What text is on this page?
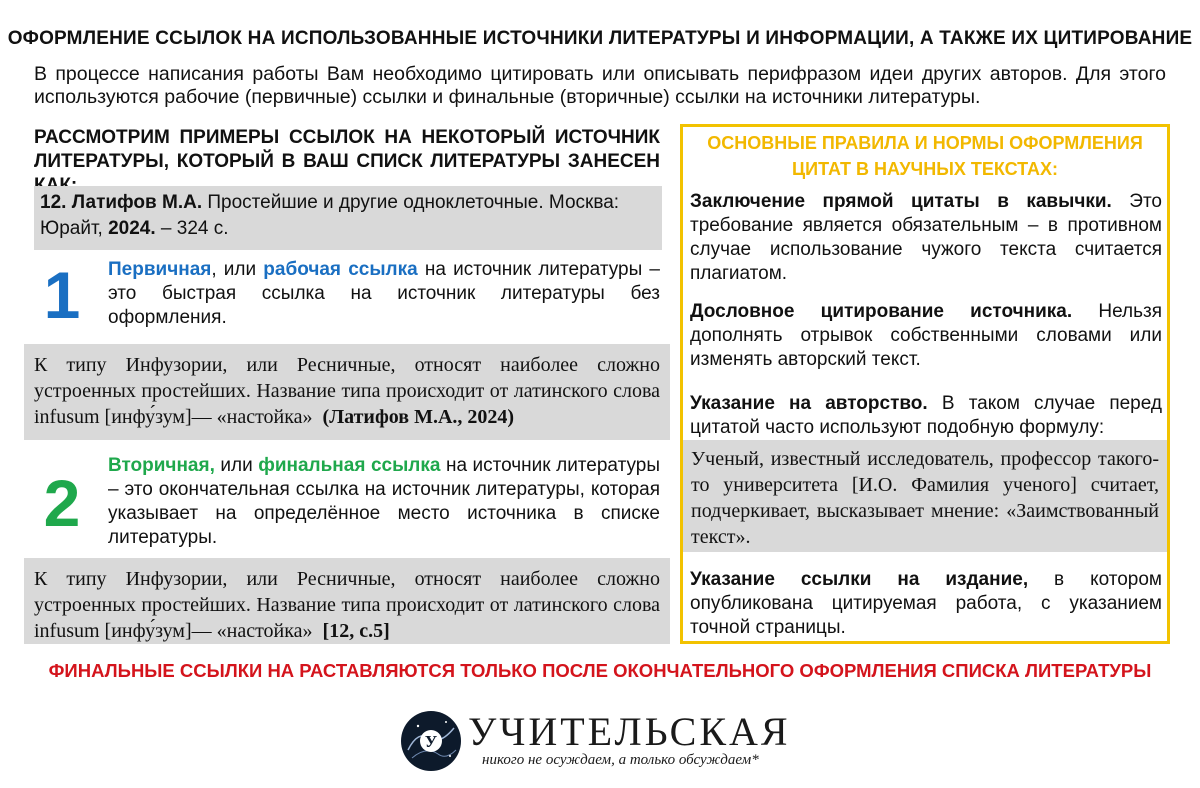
ОФОРМЛЕНИЕ ССЫЛОК НА ИСПОЛЬЗОВАННЫЕ ИСТОЧНИКИ ЛИТЕРАТУРЫ И ИНФОРМАЦИИ, А ТАКЖЕ ИХ ЦИТИРОВАНИЕ
В процессе написания работы Вам необходимо цитировать или описывать перифразом идеи других авторов. Для этого используются рабочие (первичные) ссылки и финальные (вторичные) ссылки на источники литературы.
РАССМОТРИМ ПРИМЕРЫ ССЫЛОК НА НЕКОТОРЫЙ ИСТОЧНИК ЛИТЕРАТУРЫ, КОТОРЫЙ В ВАШ СПИСК ЛИТЕРАТУРЫ ЗАНЕСЕН
12. Латифов М.А. Простейшие и другие одноклеточные. Москва: Юрайт, 2024. – 324 с.
1	Первичная, или рабочая ссылка на источник литературы – это быстрая ссылка на источник литературы без оформления.
К типу Инфузории, или Ресничные, относят наиболее сложно устроенных простейших. Название типа происходит от латинского слова infusum [инфу́зум]— «настойка» (Латифов М.А., 2024)
2
Вторичная, или финальная ссылка на источник литературы – это окончательная ссылка на источник литературы, которая указывает на определённое место источника в списке литературы.
К типу Инфузории, или Ресничные, относят наиболее сложно устроенных простейших. Название типа происходит от латинского слова infusum [инфу́зум]— «настойка» [12, с.5]
ОСНОВНЫЕ ПРАВИЛА И НОРМЫ ОФОРМЛЕНИЯ ЦИТАТ В НАУЧНЫХ ТЕКСТАХ:
Заключение прямой цитаты в кавычки. Это требование является обязательным – в противном случае использование чужого текста считается плагиатом.
Дословное цитирование источника. Нельзя дополнять отрывок собственными словами или изменять авторский текст.
Указание на авторство. В таком случае перед цитатой часто используют подобную формулу:
Ученый, известный исследователь, профессор такого-то университета [И.О. Фамилия ученого] считает, подчеркивает, высказывает мнение: «Заимствованный текст».
Указание ссылки на издание, в котором опубликована цитируемая работа, с указанием точной страницы.
ФИНАЛЬНЫЕ ССЫЛКИ НА РАСТАВЛЯЮТСЯ ТОЛЬКО ПОСЛЕ ОКОНЧАТЕЛЬНОГО ОФОРМЛЕНИЯ СПИСКА ЛИТЕРАТУРЫ
У УЧИТЕЛЬСКАЯ
никого не осуждаем, а только обсуждаем*
